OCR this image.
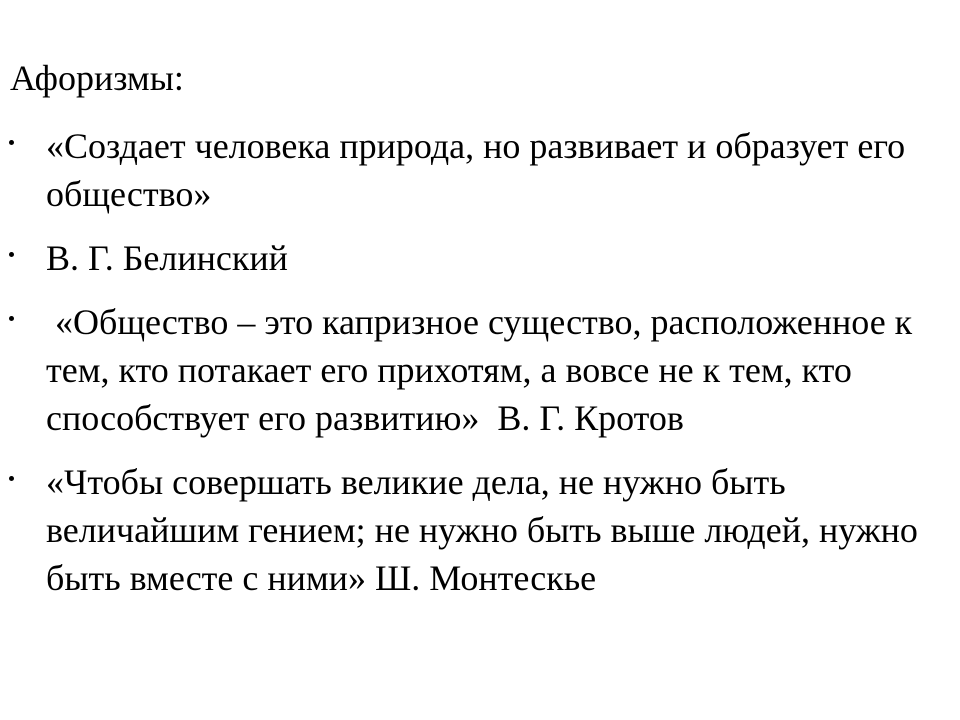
Афоризмы:
«Создает человека природа, но развивает и образует его общество»
В. Г. Белинский
«Общество – это капризное существо, расположенное к тем, кто потакает его прихотям, а вовсе не к тем, кто способствует его развитию»  В. Г. Кротов
«Чтобы совершать великие дела, не нужно быть величайшим гением; не нужно быть выше людей, нужно быть вместе с ними» Ш. Монтескье
